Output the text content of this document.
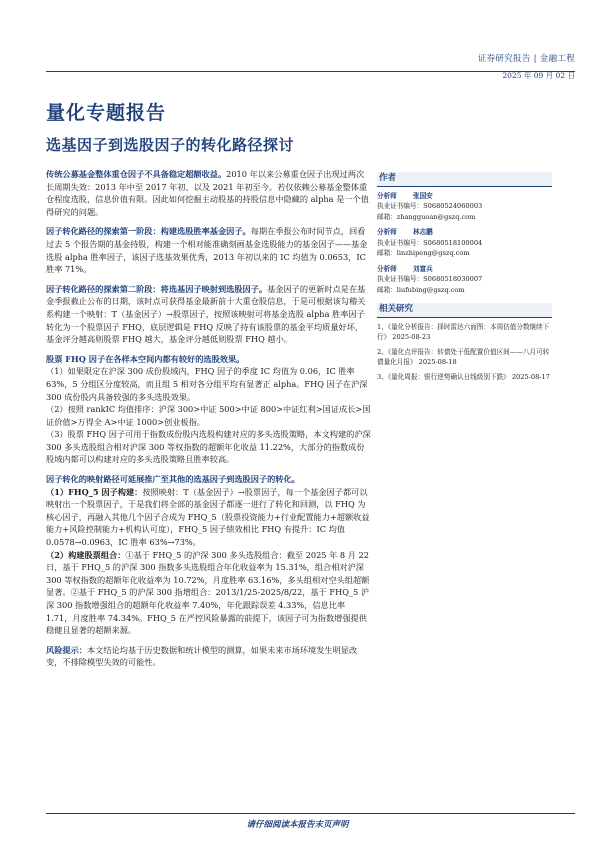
证券研究报告 | 金融工程
2025 年 09 月 02 日
量化专题报告
选基因子到选股因子的转化路径探讨
传统公募基金整体重仓因子不具备稳定超额收益。2010 年以来公募重仓因子出现过两次长周期失效：2013 年中至 2017 年初、以及 2021 年初至今。若仅依赖公募基金整体重仓程度选股，信息价值有限。因此如何挖掘主动股基的持股信息中隐藏的 alpha 是一个值得研究的问题。
因子转化路径的探索第一阶段：构建选股胜率基金因子。每期在季报公布时间节点，回看过去 5 个报告期的基金持股，构建一个相对能准确刻画基金选股能力的基金因子——基金选股 alpha 胜率因子，该因子选基效果优秀，2013 年初以来的 IC 均值为 0.0653，IC 胜率 71%。
因子转化路径的探索第二阶段：将选基因子映射到选股因子。基金因子的更新时点是在基金季报截止公布的日期，该时点可获得基金最新前十大重仓股信息，于是可根据该勾稽关系构建一个映射：T（基金因子）→股票因子，按照该映射可将基金选股 alpha 胜率因子转化为一个股票因子 FHQ，底层逻辑是 FHQ 反映了持有该股票的基金平均质量好坏，基金评分越高则股票 FHQ 越大，基金评分越低则股票 FHQ 越小。
股票 FHQ 因子在各样本空间内都有较好的选股效果。
（1）如果限定在沪深 300 成份股域内，FHQ 因子的季度 IC 均值为 0.06，IC 胜率 63%，5 分组区分度较高，而且组 5 相对各分组平均有显著正 alpha。FHQ 因子在沪深 300 成份股内具备较强的多头选股效果。
（2）按照 rankIC 均值排序：沪深 300>中证 500>中证 800>中证红利>国证成长>国证价值>万得全 A>中证 1000>创业板指。
（3）股票 FHQ 因子可用于指数成份股内选股构建对应的多头选股策略，本文构建的沪深 300 多头选股组合相对沪深 300 等权指数的超额年化收益 11.22%，大部分的指数成份股域内都可以构建对应的多头选股策略且胜率较高。
因子转化的映射路径可延展推广至其他的选基因子到选股因子的转化。
（1）FHQ_5 因子构建：按照映射：T（基金因子）→股票因子，每一个基金因子都可以映射出一个股票因子，于是我们将全部的基金因子都逐一进行了转化和回测，以 FHQ 为核心因子，再融入其他几个因子合成为 FHQ_5（股票投资能力+行业配置能力+超额收益能力+风险控制能力+机构认可度），FHQ_5 因子绩效相比 FHQ 有提升：IC 均值 0.0578→0.0963，IC 胜率 63%→73%。
（2）构建股票组合：①基于 FHQ_5 的沪深 300 多头选股组合：截至 2025 年 8 月 22 日，基于 FHQ_5 的沪深 300 指数多头选股组合年化收益率为 15.31%，组合相对沪深 300 等权指数的超额年化收益率为 10.72%，月度胜率 63.16%，多头组相对空头组超额显著。②基于 FHQ_5 的沪深 300 指增组合：2013/1/25-2025/8/22，基于 FHQ_5 沪深 300 指数增强组合的超额年化收益率 7.40%，年化跟踪误差 4.33%，信息比率 1.71，月度胜率 74.34%。FHQ_5 在严控风险暴露的前提下，该因子可为指数增强提供稳健且显著的超额来源。
风险提示：本文结论均基于历史数据和统计模型的测算，如果未来市场环境发生明显改变，不排除模型失效的可能性。
作者
分析师 张国安
执业证书编号：S0680524060003
邮箱：zhangguoan@gszq.com
分析师 林志鹏
执业证书编号：S0680518100004
邮箱：linzhipeng@gszq.com
分析师 刘富兵
执业证书编号：S0680518030007
邮箱：liufubing@gszq.com
相关研究
1、《量化分析报告：择时雷达六面图：本周估值分数继续下行》 2025-08-23
2、《量化点评报告：转债处于低配置价值区间——八月可转债量化月报》 2025-08-18
3、《量化周报：银行逆势确认日线级别下跌》 2025-08-17
请仔细阅读本报告末页声明
